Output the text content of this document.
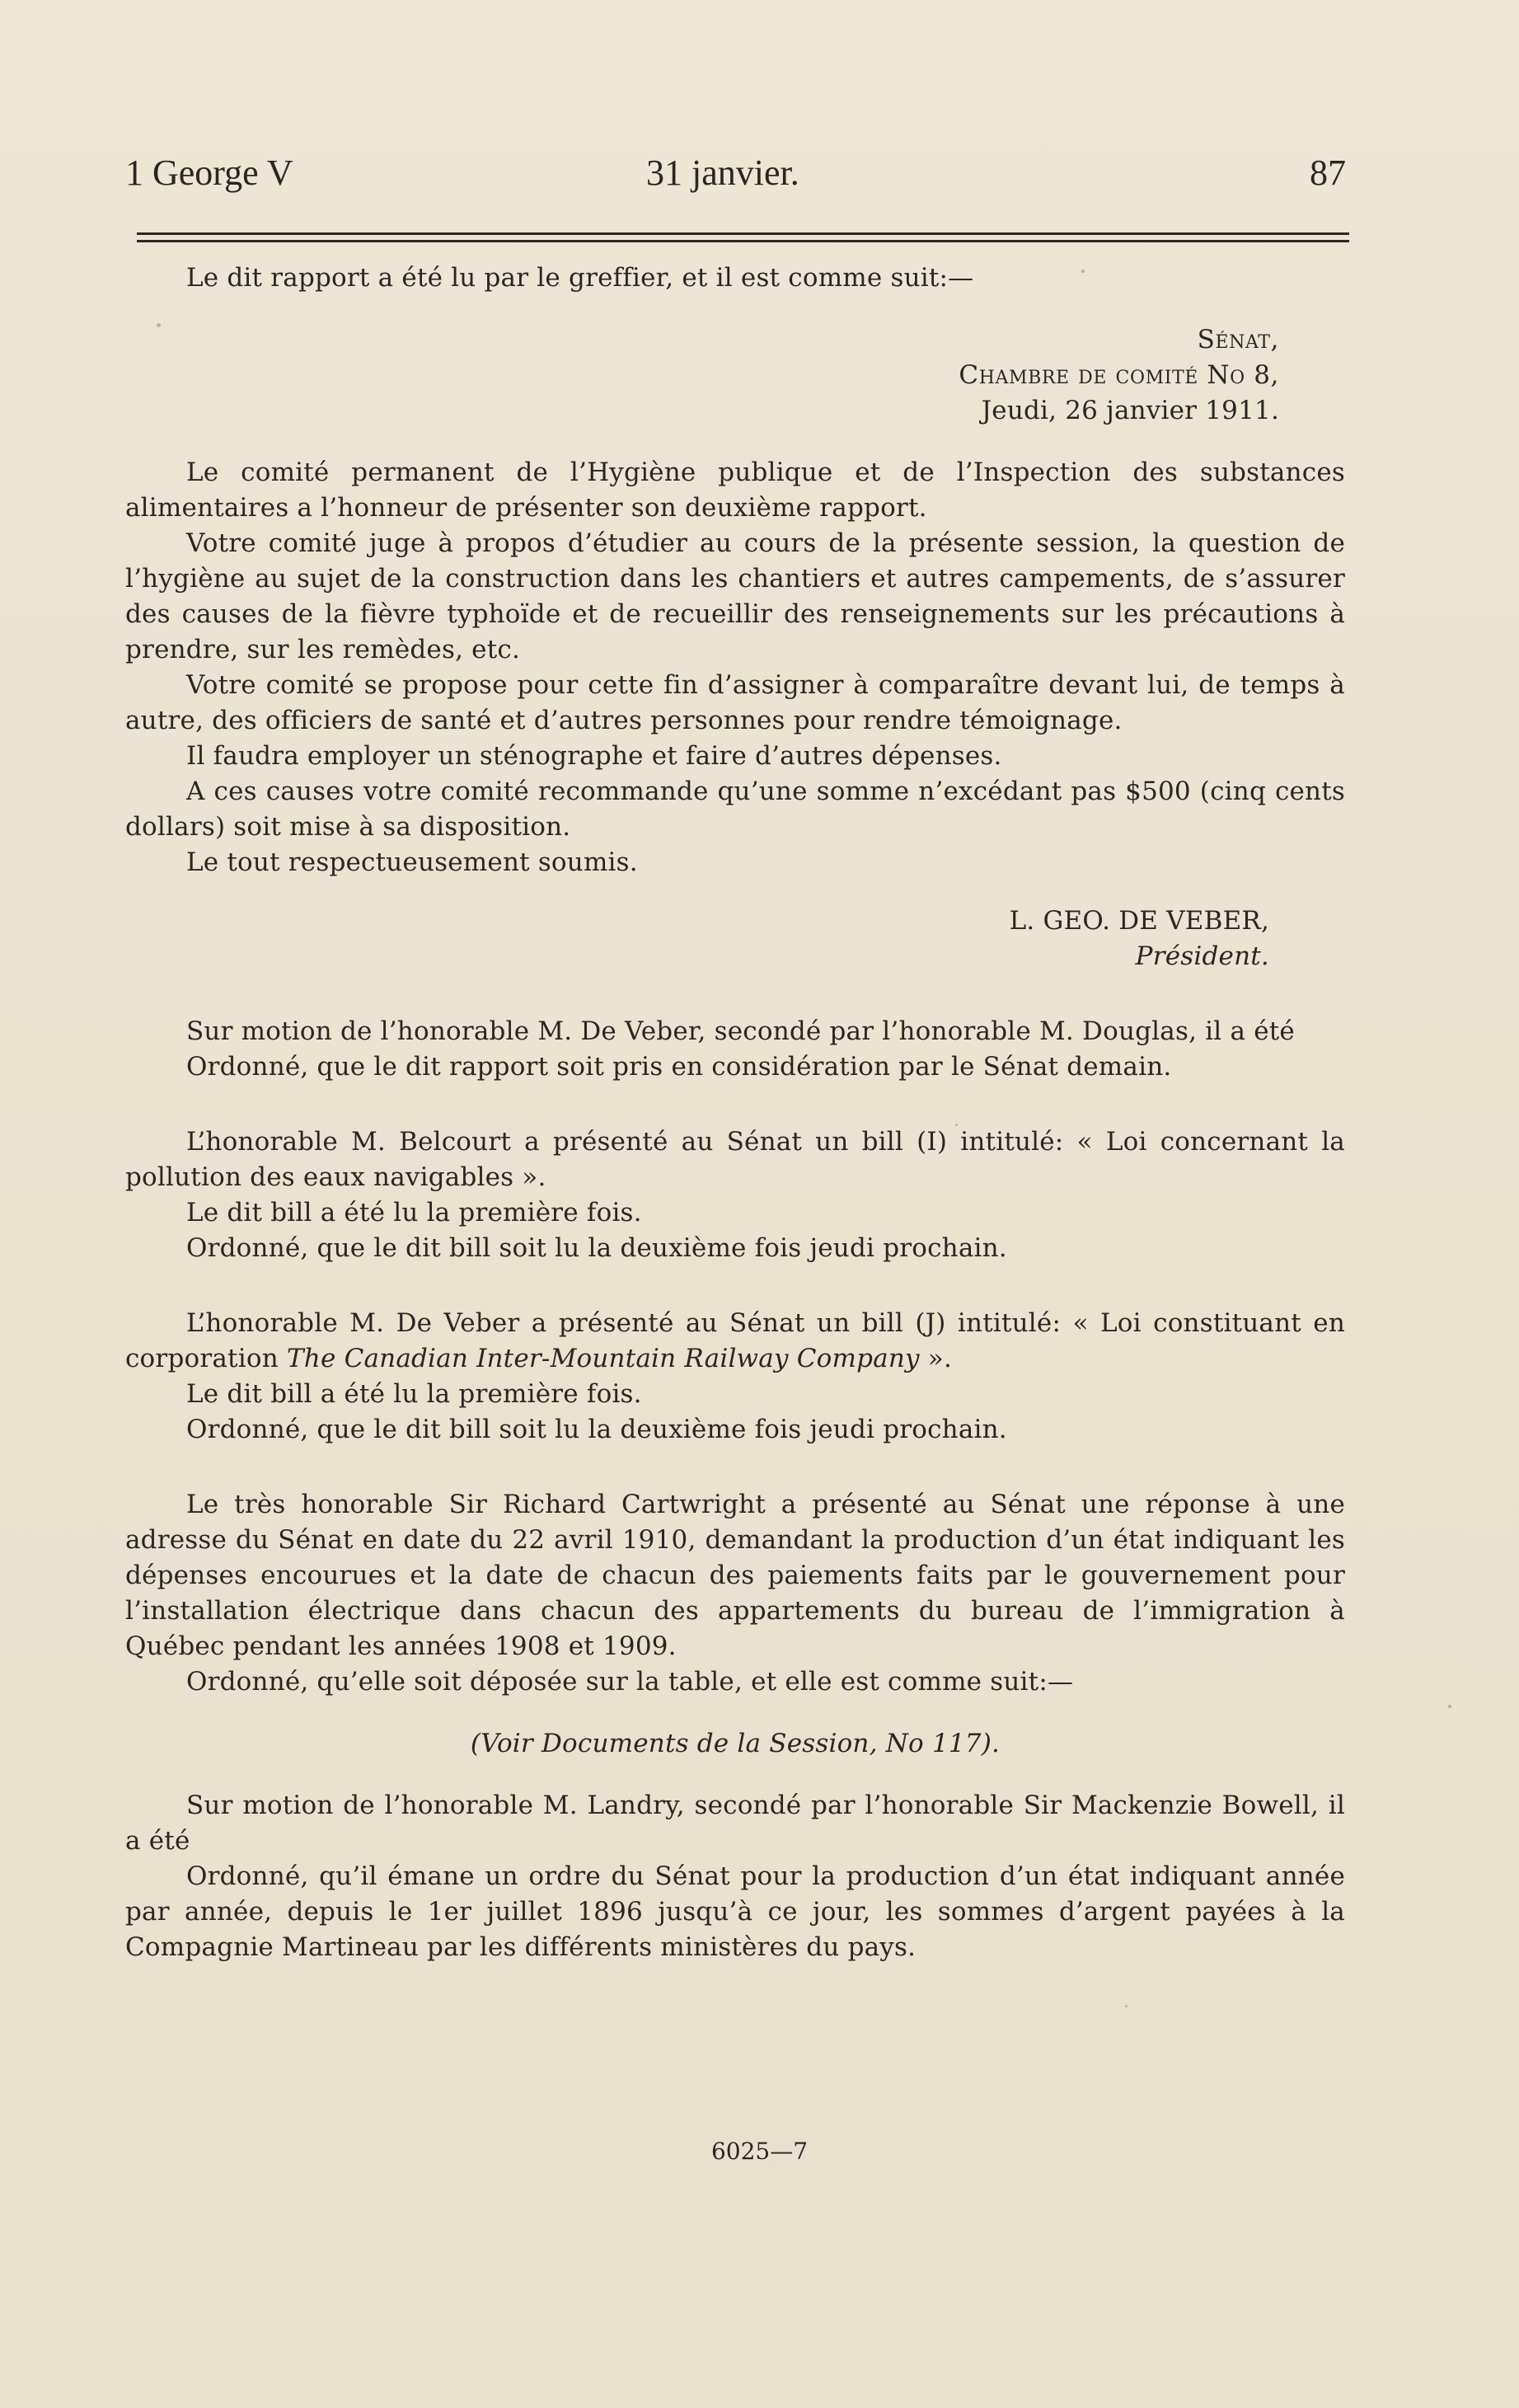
1 George V	31 janvier.	87

Le dit rapport a été lu par le greffier, et il est comme suit:—

Sénat,
Chambre de comité No 8,
Jeudi, 26 janvier 1911.

Le comité permanent de l’Hygiène publique et de l’Inspection des substances alimentaires a l’honneur de présenter son deuxième rapport.

Votre comité juge à propos d’étudier au cours de la présente session, la question de l’hygiène au sujet de la construction dans les chantiers et autres campements, de s’assurer des causes de la fièvre typhoïde et de recueillir des renseignements sur les précautions à prendre, sur les remèdes, etc.

Votre comité se propose pour cette fin d’assigner à comparaître devant lui, de temps à autre, des officiers de santé et d’autres personnes pour rendre témoignage.

Il faudra employer un sténographe et faire d’autres dépenses.

A ces causes votre comité recommande qu’une somme n’excédant pas $500 (cinq cents dollars) soit mise à sa disposition.

Le tout respectueusement soumis.

L. GEO. DE VEBER,
Président.

Sur motion de l’honorable M. De Veber, secondé par l’honorable M. Douglas, il a été

Ordonné, que le dit rapport soit pris en considération par le Sénat demain.

L’honorable M. Belcourt a présenté au Sénat un bill (I) intitulé: « Loi concernant la pollution des eaux navigables ».

Le dit bill a été lu la première fois.

Ordonné, que le dit bill soit lu la deuxième fois jeudi prochain.

L’honorable M. De Veber a présenté au Sénat un bill (J) intitulé: « Loi constituant en corporation The Canadian Inter-Mountain Railway Company ».

Le dit bill a été lu la première fois.

Ordonné, que le dit bill soit lu la deuxième fois jeudi prochain.

Le très honorable Sir Richard Cartwright a présenté au Sénat une réponse à une adresse du Sénat en date du 22 avril 1910, demandant la production d’un état indiquant les dépenses encourues et la date de chacun des paiements faits par le gouvernement pour l’installation électrique dans chacun des appartements du bureau de l’immigration à Québec pendant les années 1908 et 1909.

Ordonné, qu’elle soit déposée sur la table, et elle est comme suit:—

(Voir Documents de la Session, No 117).

Sur motion de l’honorable M. Landry, secondé par l’honorable Sir Mackenzie Bowell, il a été

Ordonné, qu’il émane un ordre du Sénat pour la production d’un état indiquant année par année, depuis le 1er juillet 1896 jusqu’à ce jour, les sommes d’argent payées à la Compagnie Martineau par les différents ministères du pays.

6025—7
